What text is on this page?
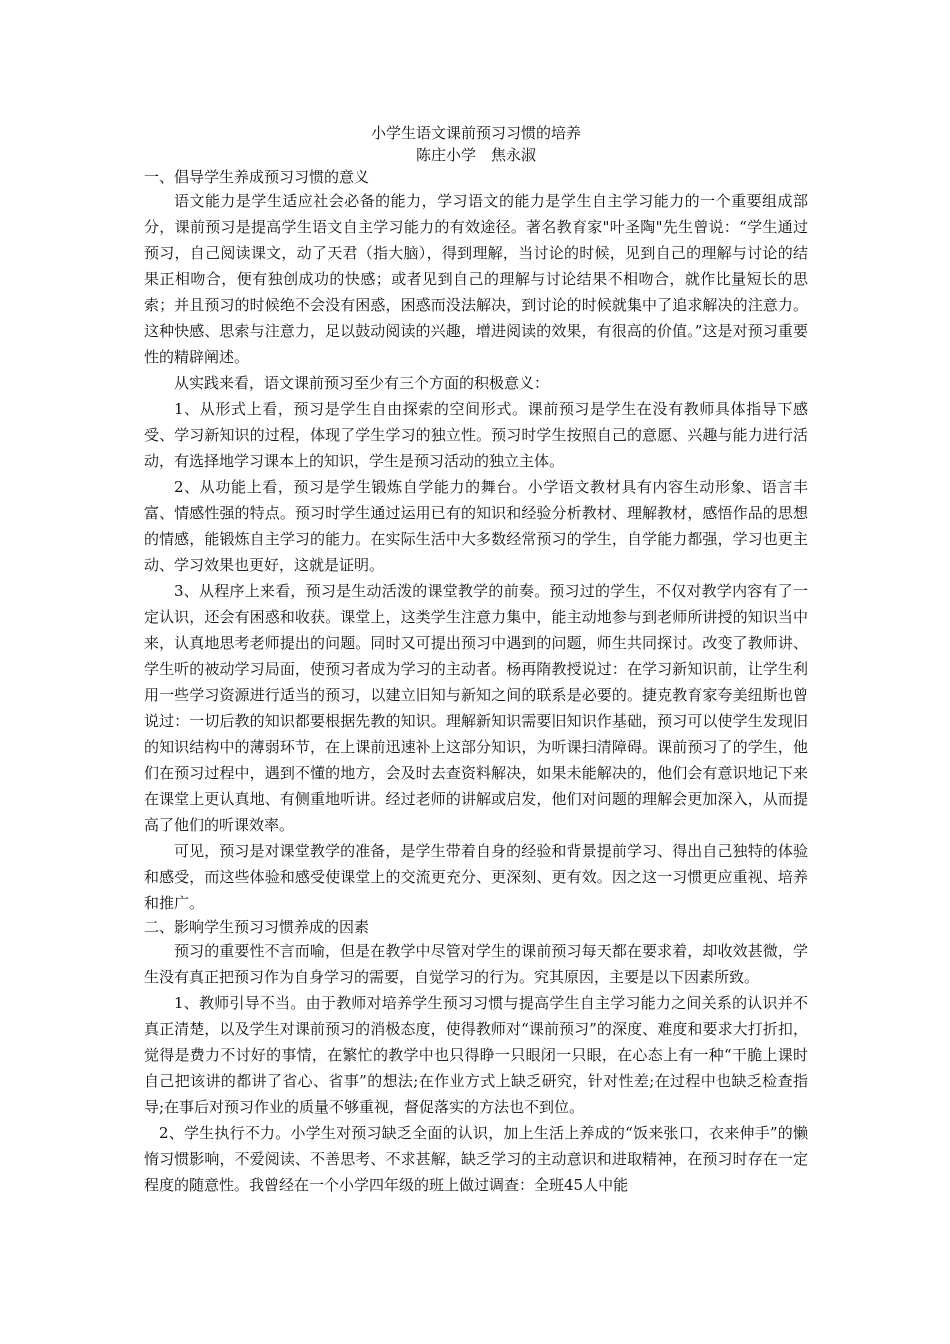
小学生语文课前预习习惯的培养

陈庄小学　焦永淑

一、倡导学生养成预习习惯的意义

语文能力是学生适应社会必备的能力，学习语文的能力是学生自主学习能力的一个重要组成部分，课前预习是提高学生语文自主学习能力的有效途径。著名教育家"叶圣陶"先生曾说：“学生通过预习，自己阅读课文，动了天君（指大脑），得到理解，当讨论的时候，见到自己的理解与讨论的结果正相吻合，便有独创成功的快感；或者见到自己的理解与讨论结果不相吻合，就作比量短长的思索；并且预习的时候绝不会没有困惑，困惑而没法解决，到讨论的时候就集中了追求解决的注意力。这种快感、思索与注意力，足以鼓动阅读的兴趣，增进阅读的效果，有很高的价值。”这是对预习重要性的精辟阐述。

从实践来看，语文课前预习至少有三个方面的积极意义：

1、从形式上看，预习是学生自由探索的空间形式。课前预习是学生在没有教师具体指导下感受、学习新知识的过程，体现了学生学习的独立性。预习时学生按照自己的意愿、兴趣与能力进行活动，有选择地学习课本上的知识，学生是预习活动的独立主体。

2、从功能上看，预习是学生锻炼自学能力的舞台。小学语文教材具有内容生动形象、语言丰富、情感性强的特点。预习时学生通过运用已有的知识和经验分析教材、理解教材，感悟作品的思想的情感，能锻炼自主学习的能力。在实际生活中大多数经常预习的学生，自学能力都强，学习也更主动、学习效果也更好，这就是证明。

3、从程序上来看，预习是生动活泼的课堂教学的前奏。预习过的学生，不仅对教学内容有了一定认识，还会有困惑和收获。课堂上，这类学生注意力集中，能主动地参与到老师所讲授的知识当中来，认真地思考老师提出的问题。同时又可提出预习中遇到的问题，师生共同探讨。改变了教师讲、学生听的被动学习局面，使预习者成为学习的主动者。杨再隋教授说过：在学习新知识前，让学生利用一些学习资源进行适当的预习，以建立旧知与新知之间的联系是必要的。捷克教育家夸美纽斯也曾说过：一切后教的知识都要根据先教的知识。理解新知识需要旧知识作基础，预习可以使学生发现旧的知识结构中的薄弱环节，在上课前迅速补上这部分知识，为听课扫清障碍。课前预习了的学生，他们在预习过程中，遇到不懂的地方，会及时去查资料解决，如果未能解决的，他们会有意识地记下来在课堂上更认真地、有侧重地听讲。经过老师的讲解或启发，他们对问题的理解会更加深入，从而提高了他们的听课效率。

可见，预习是对课堂教学的准备，是学生带着自身的经验和背景提前学习、得出自己独特的体验和感受，而这些体验和感受使课堂上的交流更充分、更深刻、更有效。因之这一习惯更应重视、培养和推广。

二、影响学生预习习惯养成的因素

预习的重要性不言而喻，但是在教学中尽管对学生的课前预习每天都在要求着，却收效甚微，学生没有真正把预习作为自身学习的需要，自觉学习的行为。究其原因，主要是以下因素所致。

1、教师引导不当。由于教师对培养学生预习习惯与提高学生自主学习能力之间关系的认识并不真正清楚，以及学生对课前预习的消极态度，使得教师对“课前预习”的深度、难度和要求大打折扣，觉得是费力不讨好的事情，在繁忙的教学中也只得睁一只眼闭一只眼，在心态上有一种“干脆上课时自己把该讲的都讲了省心、省事”的想法;在作业方式上缺乏研究，针对性差;在过程中也缺乏检查指导;在事后对预习作业的质量不够重视，督促落实的方法也不到位。

2、学生执行不力。小学生对预习缺乏全面的认识，加上生活上养成的“饭来张口，衣来伸手”的懒惰习惯影响，不爱阅读、不善思考、不求甚解，缺乏学习的主动意识和进取精神，在预习时存在一定程度的随意性。我曾经在一个小学四年级的班上做过调查：全班45人中能
